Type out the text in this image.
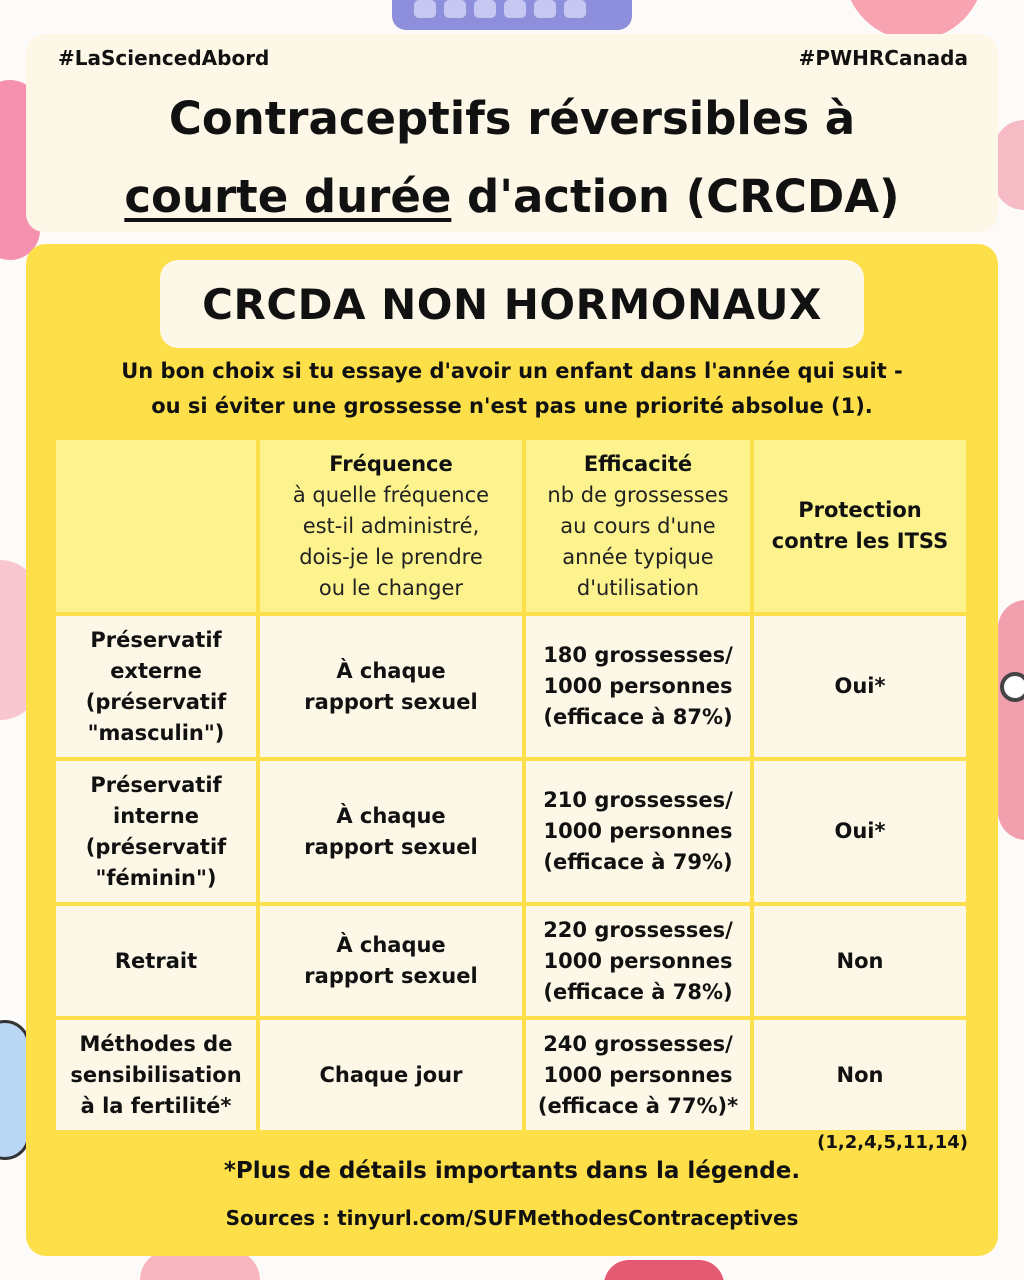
#LaSciencedAbord	#PWHRCanada
Contraceptifs réversibles à
courte durée d'action (CRCDA)
CRCDA NON HORMONAUX
Un bon choix si tu essaye d'avoir un enfant dans l'année qui suit -
ou si éviter une grossesse n'est pas une priorité absolue (1).
Fréquence
à quelle fréquence
est-il administré,
dois-je le prendre
ou le changer
Efficacité
nb de grossesses
au cours d'une
année typique
d'utilisation
Protection
contre les ITSS
Préservatif
externe
(préservatif
"masculin")
À chaque
rapport sexuel
180 grossesses/
1000 personnes
(efficace à 87%)
Oui*
Préservatif
interne
(préservatif
"féminin")
À chaque
rapport sexuel
210 grossesses/
1000 personnes
(efficace à 79%)
Oui*
Retrait
À chaque
rapport sexuel
220 grossesses/
1000 personnes
(efficace à 78%)
Non
Méthodes de
sensibilisation
à la fertilité*
Chaque jour
240 grossesses/
1000 personnes
(efficace à 77%)*
Non
(1,2,4,5,11,14)
*Plus de détails importants dans la légende.
Sources : tinyurl.com/SUFMethodesContraceptives
